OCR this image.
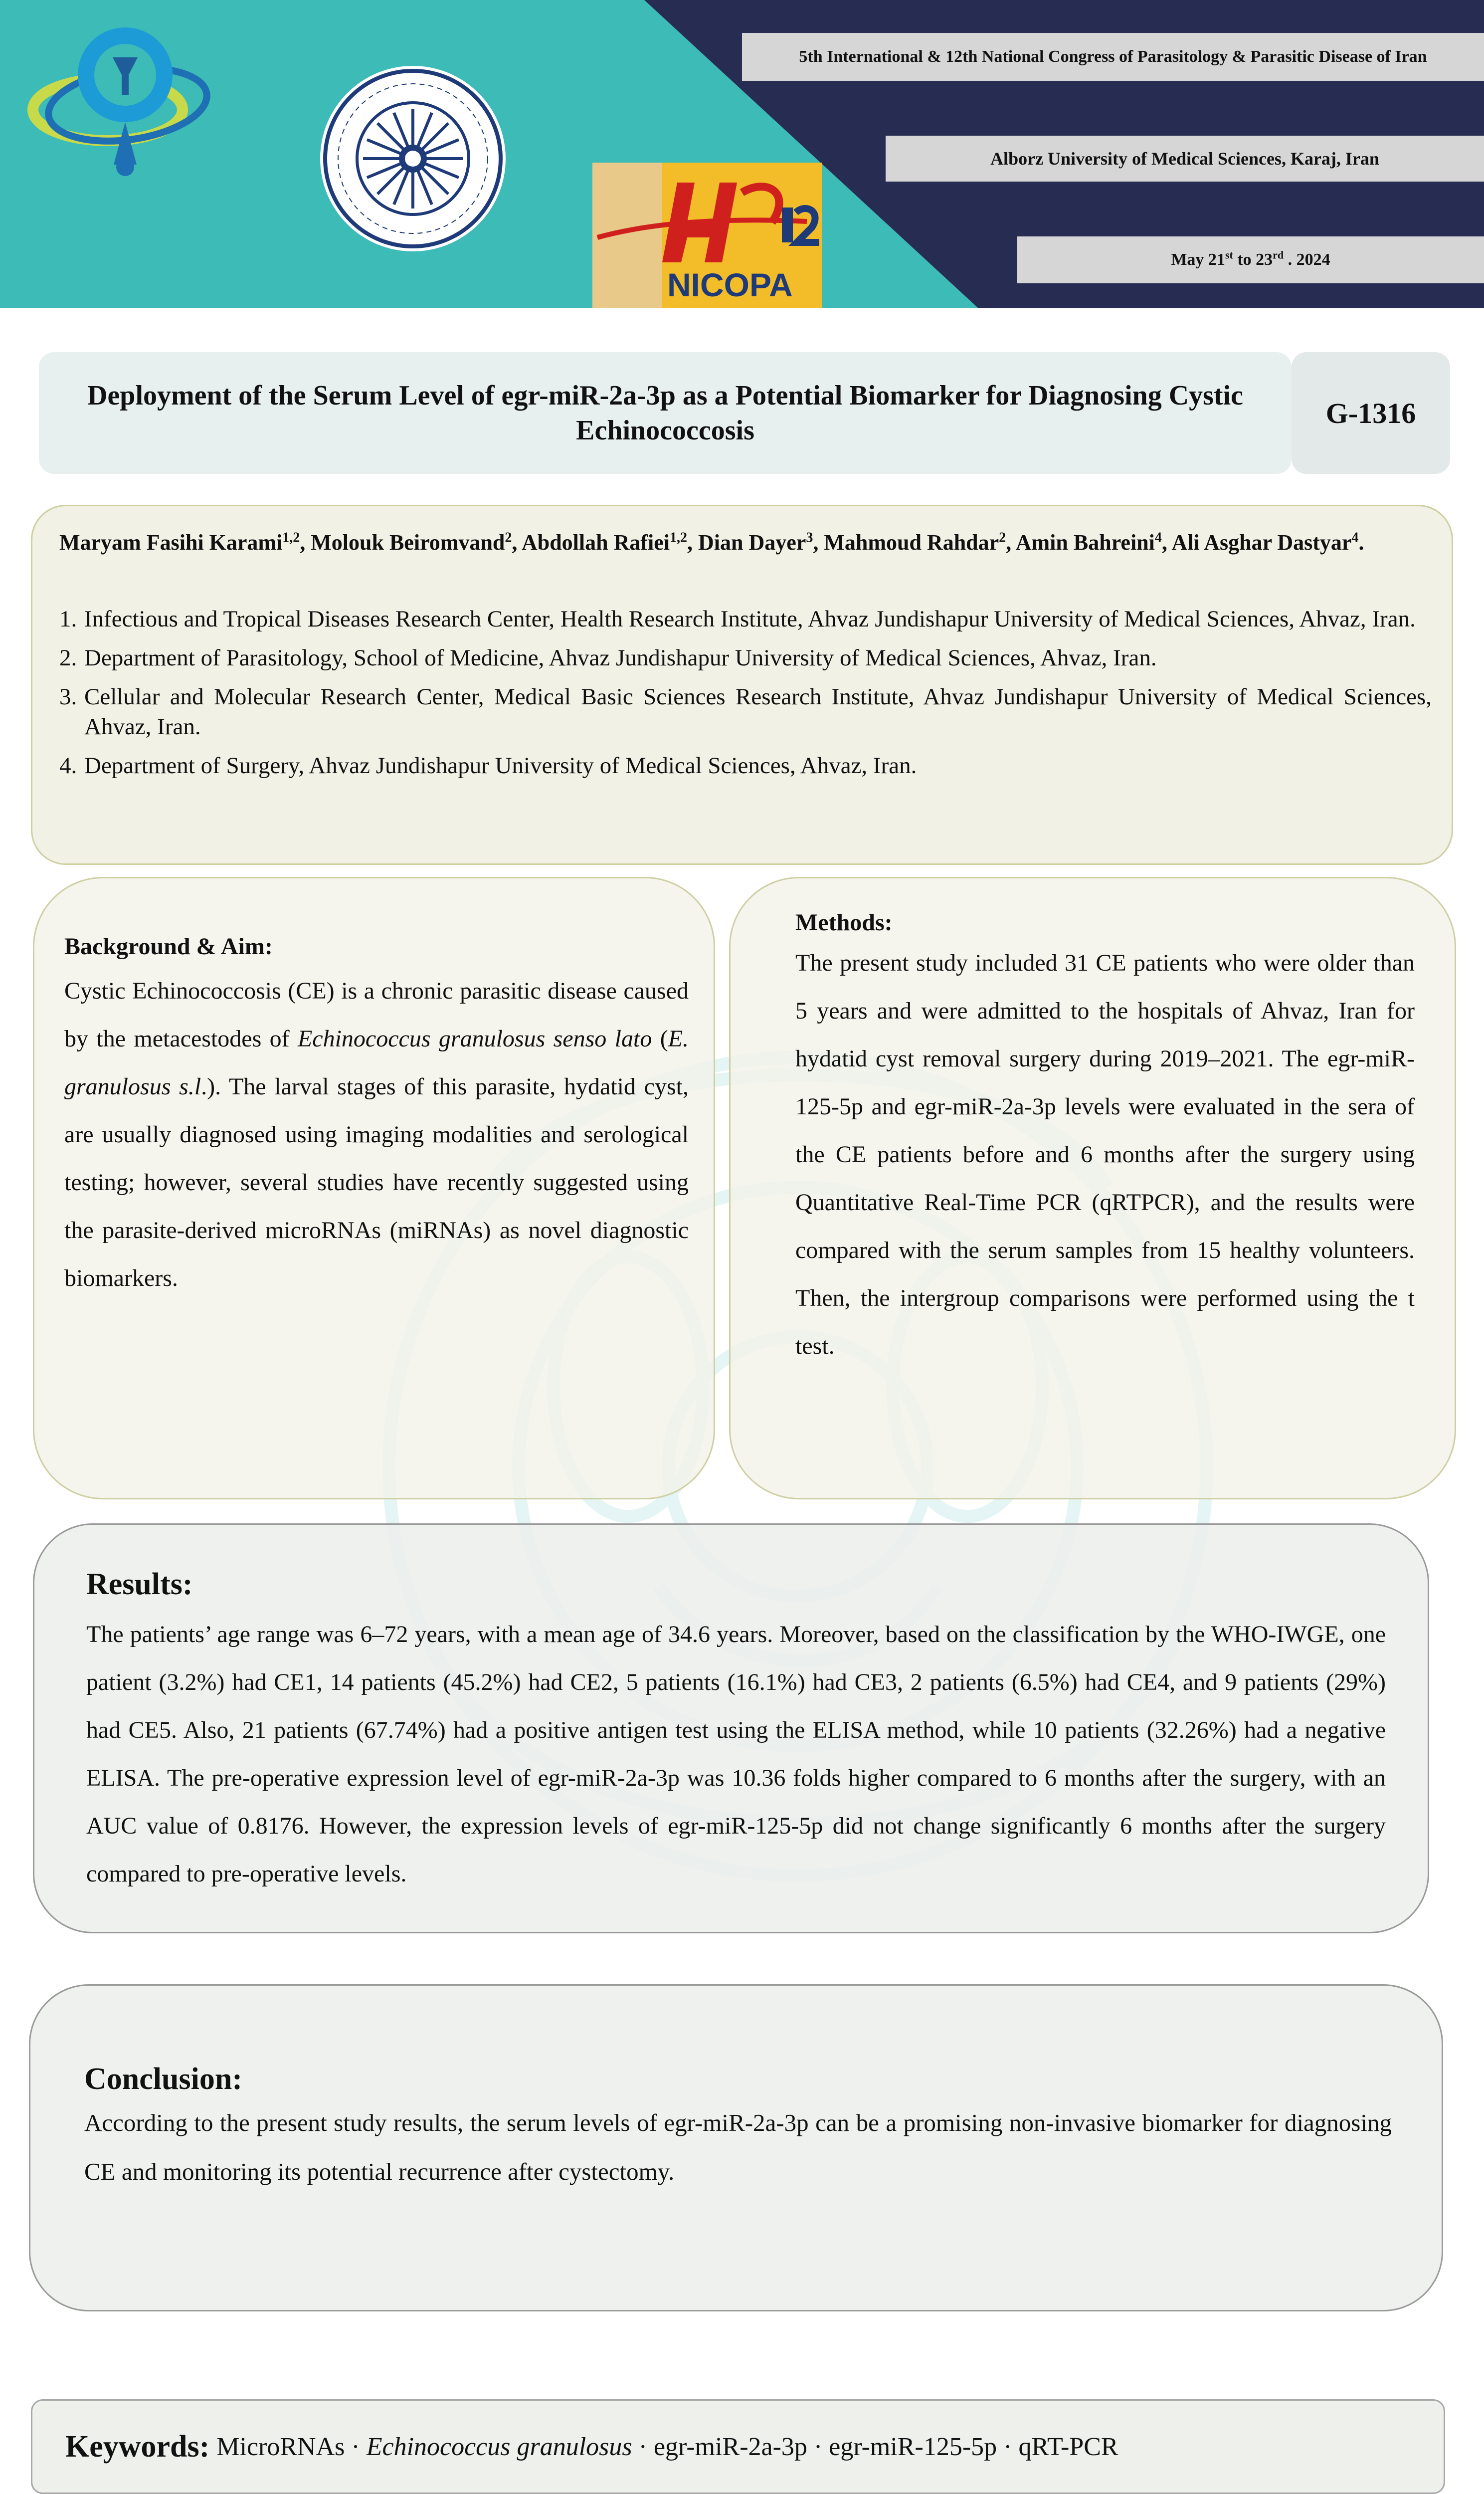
NICOPA
5th International & 12th National Congress of Parasitology & Parasitic Disease of Iran
Alborz University of Medical Sciences, Karaj, Iran
May 21st to 23rd . 2024
Deployment of the Serum Level of egr-miR-2a-3p as a Potential Biomarker for Diagnosing Cystic Echinococcosis
G-1316
Maryam Fasihi Karami$^{1,2}$, Molouk Beiromvand$^2$, Abdollah Rafiei$^{1,2}$, Dian Dayer$^3$, Mahmoud Rahdar$^2$, Amin Bahreini$^4$, Ali Asghar Dastyar$^4$.
1. Infectious and Tropical Diseases Research Center, Health Research Institute, Ahvaz Jundishapur University of Medical Sciences, Ahvaz, Iran.
2. Department of Parasitology, School of Medicine, Ahvaz Jundishapur University of Medical Sciences, Ahvaz, Iran.
3. Cellular and Molecular Research Center, Medical Basic Sciences Research Institute, Ahvaz Jundishapur University of Medical Sciences, Ahvaz, Iran.
4. Department of Surgery, Ahvaz Jundishapur University of Medical Sciences, Ahvaz, Iran.
Background & Aim:
Cystic Echinococcosis (CE) is a chronic parasitic disease caused by the metacestodes of Echinococcus granulosus senso lato (E. granulosus s.l.). The larval stages of this parasite, hydatid cyst, are usually diagnosed using imaging modalities and serological testing; however, several studies have recently suggested using the parasite-derived microRNAs (miRNAs) as novel diagnostic biomarkers.
Methods:
The present study included 31 CE patients who were older than 5 years and were admitted to the hospitals of Ahvaz, Iran for hydatid cyst removal surgery during 2019–2021. The egr-miR-125-5p and egr-miR-2a-3p levels were evaluated in the sera of the CE patients before and 6 months after the surgery using Quantitative Real-Time PCR (qRTPCR), and the results were compared with the serum samples from 15 healthy volunteers. Then, the intergroup comparisons were performed using the t test.
Results:
The patients’ age range was 6–72 years, with a mean age of 34.6 years. Moreover, based on the classification by the WHO-IWGE, one patient (3.2%) had CE1, 14 patients (45.2%) had CE2, 5 patients (16.1%) had CE3, 2 patients (6.5%) had CE4, and 9 patients (29%) had CE5. Also, 21 patients (67.74%) had a positive antigen test using the ELISA method, while 10 patients (32.26%) had a negative ELISA. The pre-operative expression level of egr-miR-2a-3p was 10.36 folds higher compared to 6 months after the surgery, with an AUC value of 0.8176. However, the expression levels of egr-miR-125-5p did not change significantly 6 months after the surgery compared to pre-operative levels.
Conclusion:
According to the present study results, the serum levels of egr-miR-2a-3p can be a promising non-invasive biomarker for diagnosing CE and monitoring its potential recurrence after cystectomy.
Keywords: MicroRNAs · Echinococcus granulosus · egr-miR-2a-3p · egr-miR-125-5p · qRT-PCR
